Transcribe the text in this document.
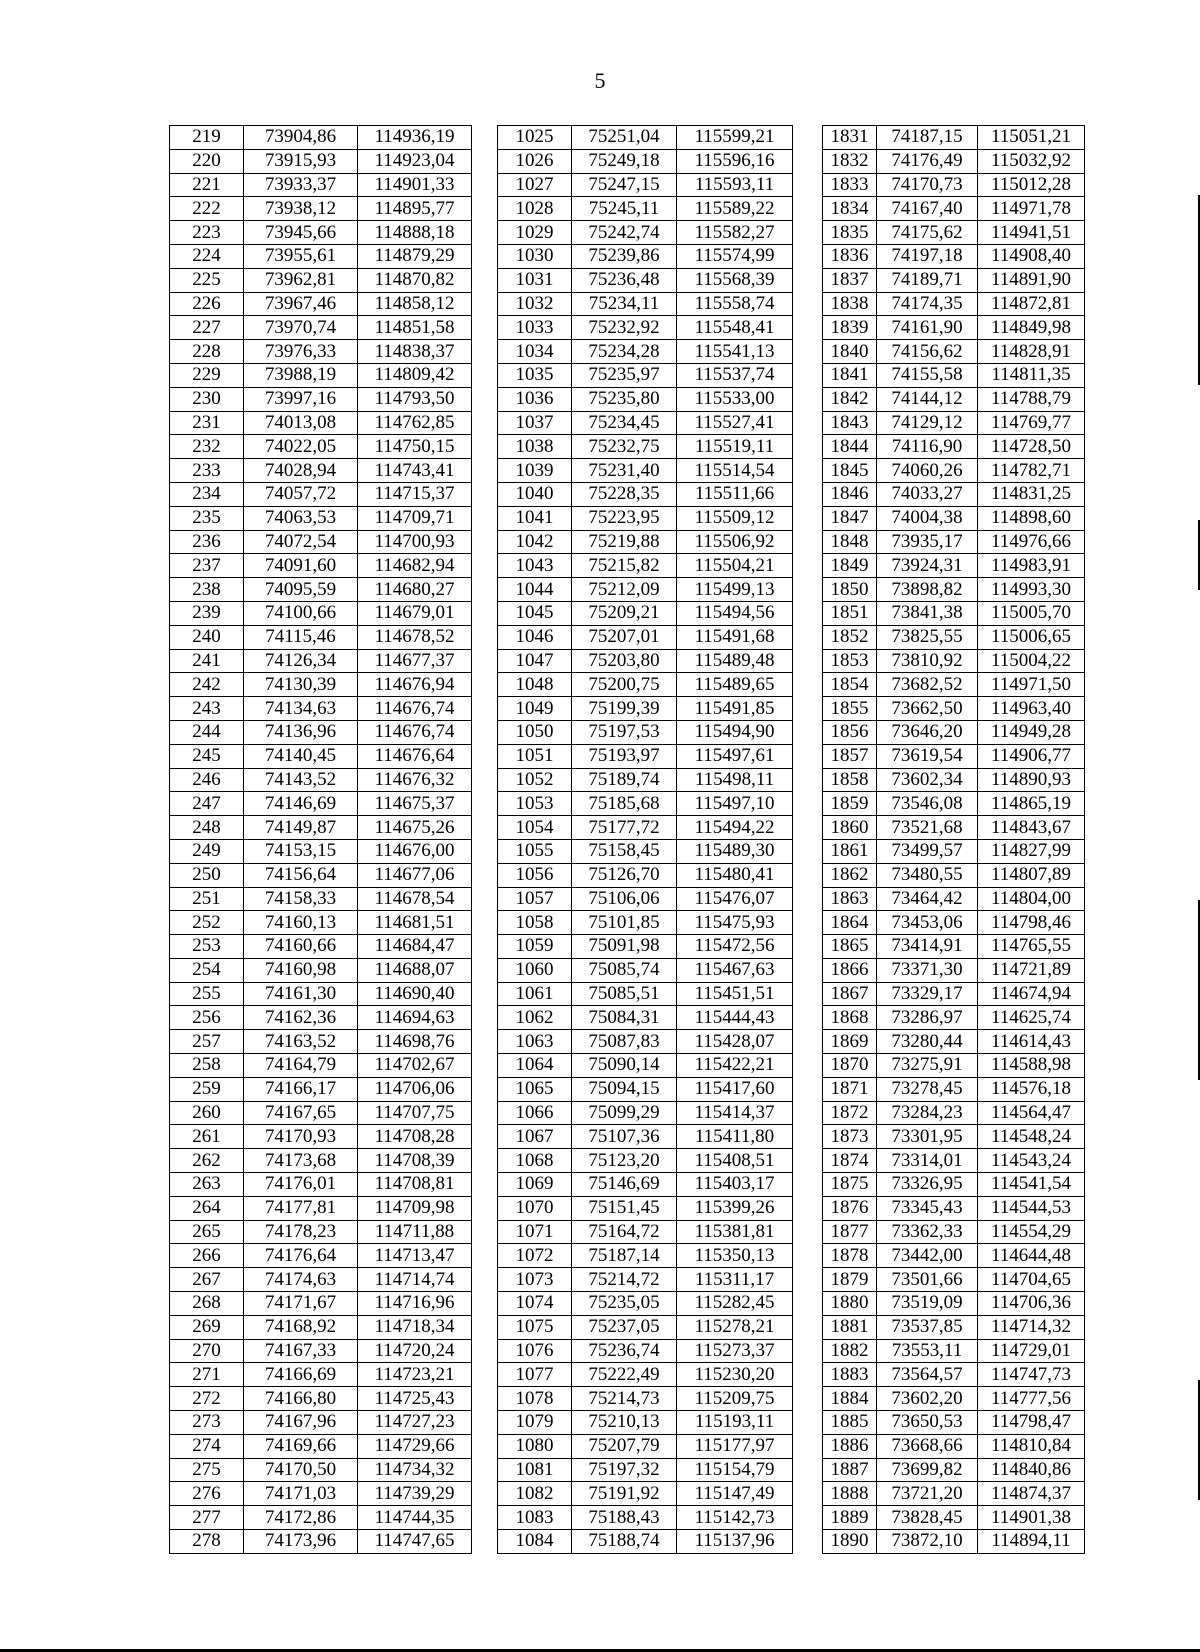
5
219	73904,86	114936,19		1025	75251,04	115599,21		1831	74187,15	115051,21
220	73915,93	114923,04		1026	75249,18	115596,16		1832	74176,49	115032,92
221	73933,37	114901,33		1027	75247,15	115593,11		1833	74170,73	115012,28
222	73938,12	114895,77		1028	75245,11	115589,22		1834	74167,40	114971,78
223	73945,66	114888,18		1029	75242,74	115582,27		1835	74175,62	114941,51
224	73955,61	114879,29		1030	75239,86	115574,99		1836	74197,18	114908,40
225	73962,81	114870,82		1031	75236,48	115568,39		1837	74189,71	114891,90
226	73967,46	114858,12		1032	75234,11	115558,74		1838	74174,35	114872,81
227	73970,74	114851,58		1033	75232,92	115548,41		1839	74161,90	114849,98
228	73976,33	114838,37		1034	75234,28	115541,13		1840	74156,62	114828,91
229	73988,19	114809,42		1035	75235,97	115537,74		1841	74155,58	114811,35
230	73997,16	114793,50		1036	75235,80	115533,00		1842	74144,12	114788,79
231	74013,08	114762,85		1037	75234,45	115527,41		1843	74129,12	114769,77
232	74022,05	114750,15		1038	75232,75	115519,11		1844	74116,90	114728,50
233	74028,94	114743,41		1039	75231,40	115514,54		1845	74060,26	114782,71
234	74057,72	114715,37		1040	75228,35	115511,66		1846	74033,27	114831,25
235	74063,53	114709,71		1041	75223,95	115509,12		1847	74004,38	114898,60
236	74072,54	114700,93		1042	75219,88	115506,92		1848	73935,17	114976,66
237	74091,60	114682,94		1043	75215,82	115504,21		1849	73924,31	114983,91
238	74095,59	114680,27		1044	75212,09	115499,13		1850	73898,82	114993,30
239	74100,66	114679,01		1045	75209,21	115494,56		1851	73841,38	115005,70
240	74115,46	114678,52		1046	75207,01	115491,68		1852	73825,55	115006,65
241	74126,34	114677,37		1047	75203,80	115489,48		1853	73810,92	115004,22
242	74130,39	114676,94		1048	75200,75	115489,65		1854	73682,52	114971,50
243	74134,63	114676,74		1049	75199,39	115491,85		1855	73662,50	114963,40
244	74136,96	114676,74		1050	75197,53	115494,90		1856	73646,20	114949,28
245	74140,45	114676,64		1051	75193,97	115497,61		1857	73619,54	114906,77
246	74143,52	114676,32		1052	75189,74	115498,11		1858	73602,34	114890,93
247	74146,69	114675,37		1053	75185,68	115497,10		1859	73546,08	114865,19
248	74149,87	114675,26		1054	75177,72	115494,22		1860	73521,68	114843,67
249	74153,15	114676,00		1055	75158,45	115489,30		1861	73499,57	114827,99
250	74156,64	114677,06		1056	75126,70	115480,41		1862	73480,55	114807,89
251	74158,33	114678,54		1057	75106,06	115476,07		1863	73464,42	114804,00
252	74160,13	114681,51		1058	75101,85	115475,93		1864	73453,06	114798,46
253	74160,66	114684,47		1059	75091,98	115472,56		1865	73414,91	114765,55
254	74160,98	114688,07		1060	75085,74	115467,63		1866	73371,30	114721,89
255	74161,30	114690,40		1061	75085,51	115451,51		1867	73329,17	114674,94
256	74162,36	114694,63		1062	75084,31	115444,43		1868	73286,97	114625,74
257	74163,52	114698,76		1063	75087,83	115428,07		1869	73280,44	114614,43
258	74164,79	114702,67		1064	75090,14	115422,21		1870	73275,91	114588,98
259	74166,17	114706,06		1065	75094,15	115417,60		1871	73278,45	114576,18
260	74167,65	114707,75		1066	75099,29	115414,37		1872	73284,23	114564,47
261	74170,93	114708,28		1067	75107,36	115411,80		1873	73301,95	114548,24
262	74173,68	114708,39		1068	75123,20	115408,51		1874	73314,01	114543,24
263	74176,01	114708,81		1069	75146,69	115403,17		1875	73326,95	114541,54
264	74177,81	114709,98		1070	75151,45	115399,26		1876	73345,43	114544,53
265	74178,23	114711,88		1071	75164,72	115381,81		1877	73362,33	114554,29
266	74176,64	114713,47		1072	75187,14	115350,13		1878	73442,00	114644,48
267	74174,63	114714,74		1073	75214,72	115311,17		1879	73501,66	114704,65
268	74171,67	114716,96		1074	75235,05	115282,45		1880	73519,09	114706,36
269	74168,92	114718,34		1075	75237,05	115278,21		1881	73537,85	114714,32
270	74167,33	114720,24		1076	75236,74	115273,37		1882	73553,11	114729,01
271	74166,69	114723,21		1077	75222,49	115230,20		1883	73564,57	114747,73
272	74166,80	114725,43		1078	75214,73	115209,75		1884	73602,20	114777,56
273	74167,96	114727,23		1079	75210,13	115193,11		1885	73650,53	114798,47
274	74169,66	114729,66		1080	75207,79	115177,97		1886	73668,66	114810,84
275	74170,50	114734,32		1081	75197,32	115154,79		1887	73699,82	114840,86
276	74171,03	114739,29		1082	75191,92	115147,49		1888	73721,20	114874,37
277	74172,86	114744,35		1083	75188,43	115142,73		1889	73828,45	114901,38
278	74173,96	114747,65		1084	75188,74	115137,96		1890	73872,10	114894,11
